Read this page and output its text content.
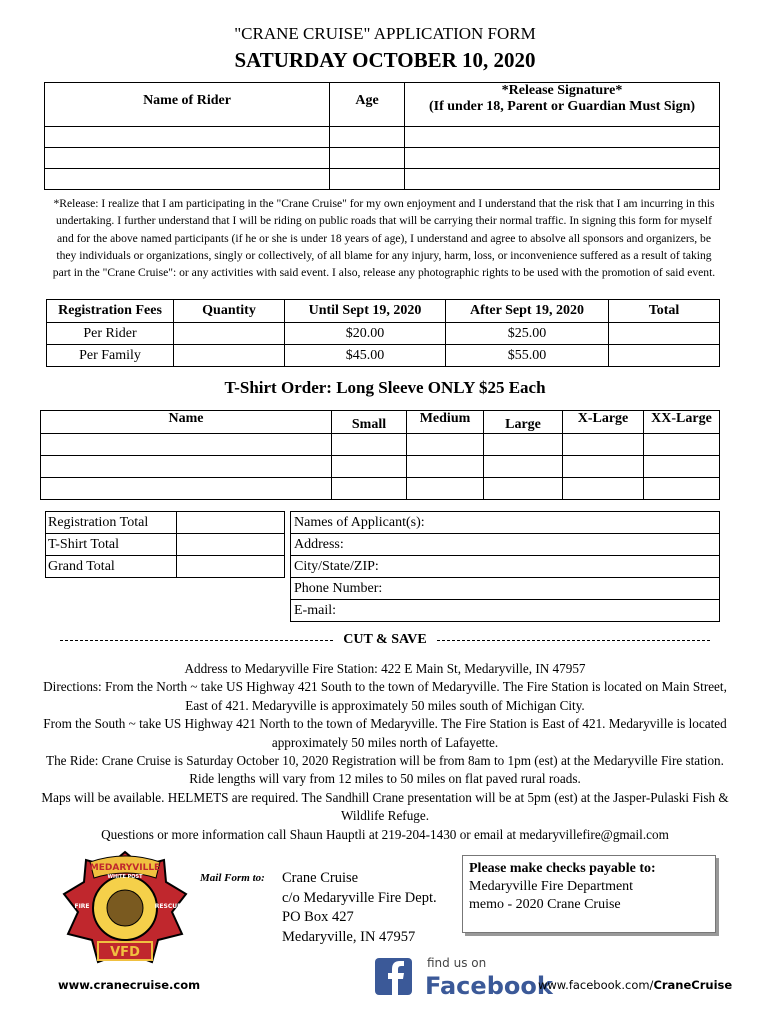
"CRANE CRUISE" APPLICATION FORM
SATURDAY OCTOBER 10, 2020
Name of Rider	Age	*Release Signature*
(If under 18, Parent or Guardian Must Sign)

*Release: I realize that I am participating in the "Crane Cruise" for my own enjoyment and I understand that the risk that I am incurring in this undertaking. I further understand that I will be riding on public roads that will be carrying their normal traffic. In signing this form for myself and for the above named participants (if he or she is under 18 years of age), I understand and agree to absolve all sponsors and organizers, be they individuals or organizations, singly or collectively, of all blame for any injury, harm, loss, or inconvenience suffered as a result of taking part in the "Crane Cruise": or any activities with said event. I also, release any photographic rights to be used with the promotion of said event.
Registration Fees	Quantity	Until Sept 19, 2020	After Sept 19, 2020	Total
Per Rider		$20.00	$25.00	
Per Family		$45.00	$55.00	
T-Shirt Order: Long Sleeve ONLY $25 Each
Name	Small	Medium	Large	X-Large	XX-Large

Registration Total	
T-Shirt Total	
Grand Total	
Names of Applicant(s):
Address:
City/State/ZIP:
Phone Number:
E-mail:
CUT & SAVE
Address to Medaryville Fire Station: 422 E Main St, Medaryville, IN 47957
Directions: From the North ~ take US Highway 421 South to the town of Medaryville. The Fire Station is located on Main Street, East of 421. Medaryville is approximately 50 miles south of Michigan City.
From the South ~ take US Highway 421 North to the town of Medaryville. The Fire Station is East of 421. Medaryville is located approximately 50 miles north of Lafayette.
The Ride: Crane Cruise is Saturday October 10, 2020 Registration will be from 8am to 1pm (est) at the Medaryville Fire station. Ride lengths will vary from 12 miles to 50 miles on flat paved rural roads.
Maps will be available. HELMETS are required. The Sandhill Crane presentation will be at 5pm (est) at the Jasper-Pulaski Fish & Wildlife Refuge.
Questions or more information call Shaun Hauptli at 219-204-1430 or email at medaryvillefire@gmail.com
MEDARYVILLE
WHITE POST
FIRE	RESCUE
VFD
Mail Form to: Crane Cruise
c/o Medaryville Fire Dept.
PO Box 427
Medaryville, IN 47957
Please make checks payable to:
Medaryville Fire Department
memo - 2020 Crane Cruise
www.cranecruise.com
find us on
Facebook
www.facebook.com/CraneCruise
